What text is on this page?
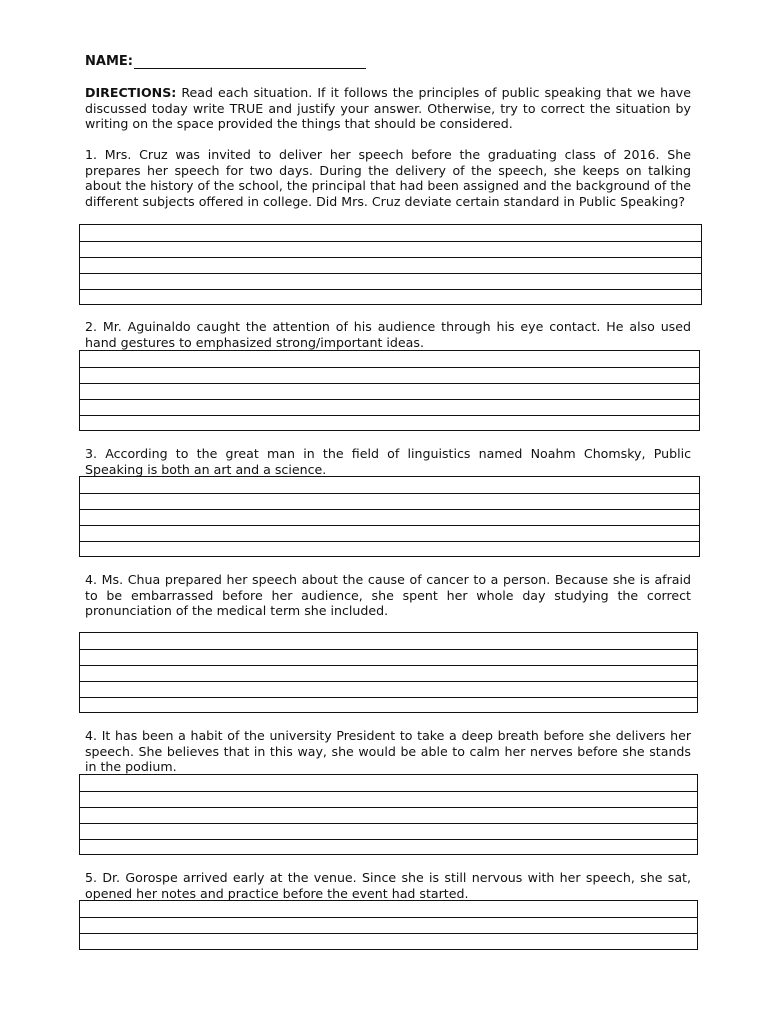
NAME:

DIRECTIONS: Read each situation. If it follows the principles of public speaking that we have discussed today write TRUE and justify your answer. Otherwise, try to correct the situation by writing on the space provided the things that should be considered.

1. Mrs. Cruz was invited to deliver her speech before the graduating class of 2016. She prepares her speech for two days. During the delivery of the speech, she keeps on talking about the history of the school, the principal that had been assigned and the background of the different subjects offered in college. Did Mrs. Cruz deviate certain standard in Public Speaking?

2. Mr. Aguinaldo caught the attention of his audience through his eye contact. He also used hand gestures to emphasized strong/important ideas.

3. According to the great man in the field of linguistics named Noahm Chomsky, Public Speaking is both an art and a science.

4. Ms. Chua prepared her speech about the cause of cancer to a person. Because she is afraid to be embarrassed before her audience, she spent her whole day studying the correct pronunciation of the medical term she included.

4. It has been a habit of the university President to take a deep breath before she delivers her speech. She believes that in this way, she would be able to calm her nerves before she stands in the podium.

5. Dr. Gorospe arrived early at the venue. Since she is still nervous with her speech, she sat, opened her notes and practice before the event had started.
